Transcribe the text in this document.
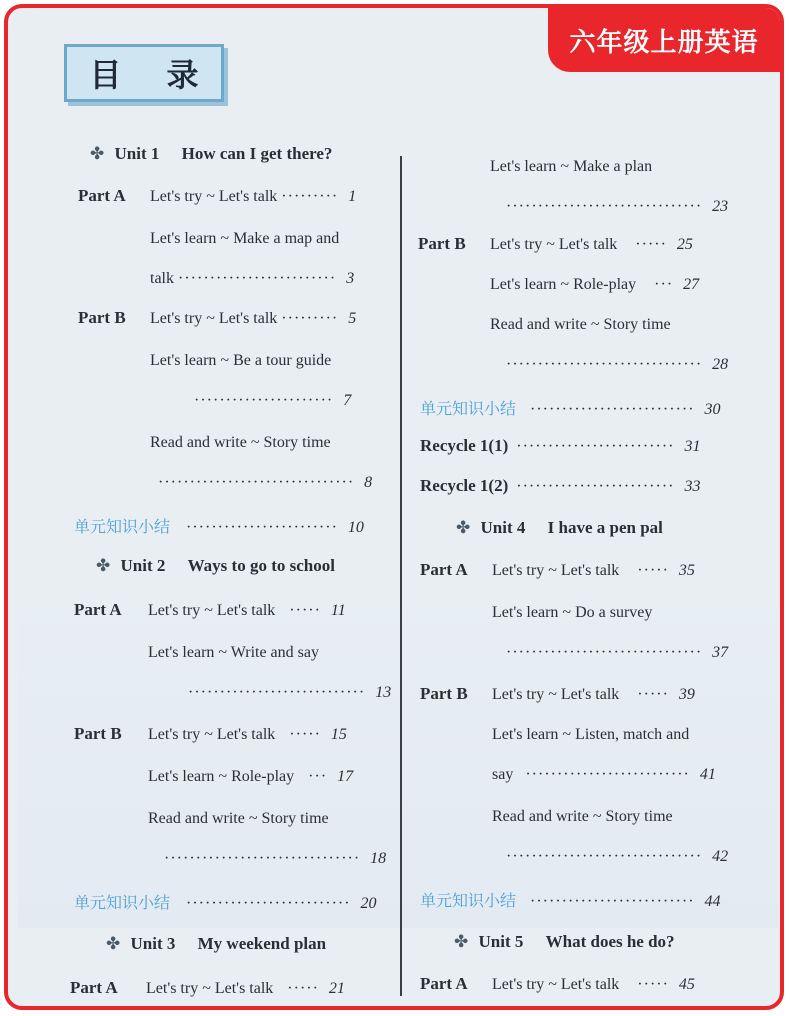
六年级上册英语
目 录
✤ Unit 1 How can I get there?
Part A Let's try ~ Let's talk ········· 1
Let's learn ~ Make a map and
talk ························· 3
Part B Let's try ~ Let's talk ········· 5
Let's learn ~ Be a tour guide
······················ 7
Read and write ~ Story time
······························· 8
单元知识小结 ························ 10
✤ Unit 2 Ways to go to school
Part A Let's try ~ Let's talk ····· 11
Let's learn ~ Write and say
···························· 13
Part B Let's try ~ Let's talk ····· 15
Let's learn ~ Role-play ··· 17
Read and write ~ Story time
······························· 18
单元知识小结 ·························· 20
✤ Unit 3 My weekend plan
Part A Let's try ~ Let's talk ····· 21
Let's learn ~ Make a plan
······························· 23
Part B Let's try ~ Let's talk ····· 25
Let's learn ~ Role-play ··· 27
Read and write ~ Story time
······························· 28
单元知识小结 ·························· 30
Recycle 1(1) ························· 31
Recycle 1(2) ························· 33
✤ Unit 4 I have a pen pal
Part A Let's try ~ Let's talk ····· 35
Let's learn ~ Do a survey
······························· 37
Part B Let's try ~ Let's talk ····· 39
Let's learn ~ Listen, match and
say ·························· 41
Read and write ~ Story time
······························· 42
单元知识小结 ·························· 44
✤ Unit 5 What does he do?
Part A Let's try ~ Let's talk ····· 45
